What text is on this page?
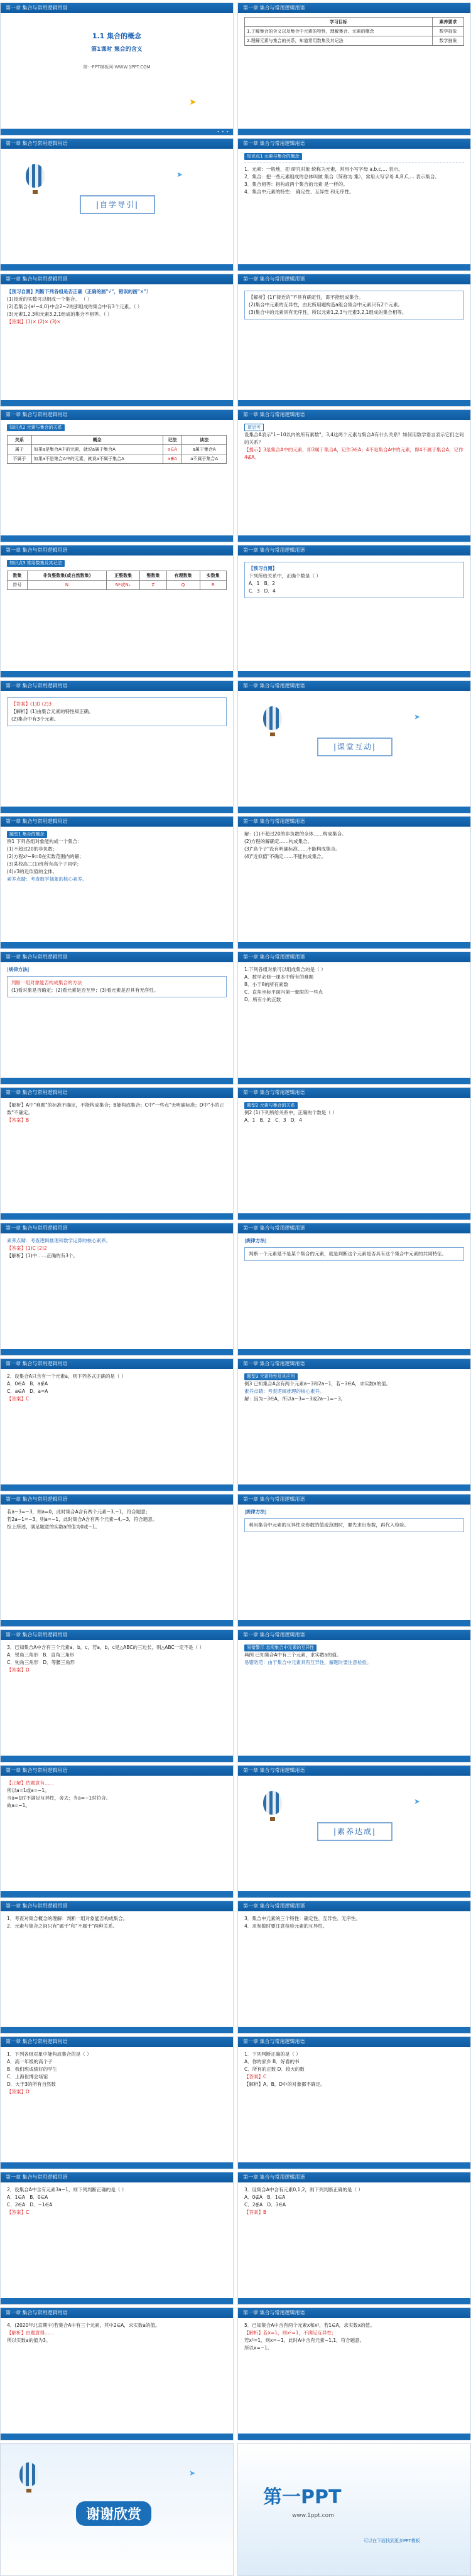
第一章 集合与常用逻辑用语
1.1 集合的概念
第1课时 集合的含义
第一PPT模板网-WWW.1PPT.COM
➤
• • •
第一章 集合与常用逻辑用语
学习目标	素养要求
1.了解集合的含义以及集合中元素的特性，理解集合、元素的概念	数学抽象
2.理解元素与集合的关系，知道常用数集及其记法	数学抽象
第一章 集合与常用逻辑用语
|自学导引|
➤
第一章 集合与常用逻辑用语
知识点1 元素与集合的概念

1．元素：一般地，把 研究对象 统称为元素，常用小写字母 a,b,c,… 表示。

2．集合：把一些元素组成的总体叫做 集合（简称为 集），常用大写字母 A,B,C,… 表示集合。

3．集合相等：指构成两个集合的元素 是一样的。

4．集合中元素的特性： 确定性、互异性 和无序性。

第一章 集合与常用逻辑用语

【预习自测】判断下列各组是否正确（正确的画"√"，错误的画"×"）

(1)接近的实数可以组成一个集合。 （ ）

(2)若集合{a²−4,0}中含2−2的那组成的集合中有3个元素。（ ）

(3)元素1,2,3和元素3,2,1组成的集合不相等。（ ）

【答案】(1)× (2)× (3)×

第一章 集合与常用逻辑用语

【解析】(1)"接近的"不具有确定性，即不能组成集合。

(2)集合中元素的互异性，由此所用题构造a组合集合中元素只有2个元素。

(3)集合中的元素具有无序性，所以元素1,2,3与元素3,2,1组成的集合相等。

第一章 集合与常用逻辑用语
知识点2 元素与集合的关系
关系	概念	记法	读法
属于	如果a是集合A中的元素，就说a属于集合A	a∈A	a属于集合A
不属于	如果a不是集合A中的元素，就说a不属于集合A	a∉A	a不属于集合A
第一章 集合与常用逻辑用语

微思考

设集合A表示"1~10以内的所有素数"，3,4这两个元素与集合A有什么关系？如何用数学语言表示它们之间的关系？

【提示】3是集合A中的元素，即3属于集合A，记作3∈A；4不是集合A中的元素，即4不属于集合A，记作4∉A。

第一章 集合与常用逻辑用语
知识点3 常用数集及其记法
数集	非负整数集(或自然数集)	正整数集	整数集	有理数集	实数集
符号	N	N*或N₊	Z	Q	R
第一章 集合与常用逻辑用语

【预习自测】

下列所给关系中，正确个数是（ ）

A．1 B．2

C．3 D．4

第一章 集合与常用逻辑用语

【答案】(1)D (2)3

【解析】(1)由集合元素的特性知正确。

(2)集合中有3个元素。

第一章 集合与常用逻辑用语
|课堂互动|
➤
第一章 集合与常用逻辑用语

题型1 集合的概念

例1 下列各组对象能构成一个集合：

(1)不超过20的非负数；

(2)方程x²−9=0在实数范围内的解；

(3)某校高二(1)班所有高个子同学；

(4)√3的近似值的全体。

素养点睛：考查数学抽象的核心素养。

第一章 集合与常用逻辑用语

解：(1)不超过20的非负数的全体……构成集合。

(2)方程的解确定……构成集合。

(3)"高个子"没有明确标准……不能构成集合。

(4)"近似值"不确定……不能构成集合。

第一章 集合与常用逻辑用语

|规律方法|

判断一组对象能否构成集合的方法

(1)看对象是否确定；(2)看元素是否互异；(3)看元素是否具有无序性。

第一章 集合与常用逻辑用语

1.下列各组对象可以组成集合的是（ ）

A．数学必修一课本中所有的难题

B．小于8的所有素数

C．直角坐标平面内第一象限的一些点

D．所有小的正数

第一章 集合与常用逻辑用语

【解析】A中"难题"的标准不确定，不能构成集合；B能构成集合；C中"一些点"无明确标准；D中"小的正数"不确定。

【答案】B

第一章 集合与常用逻辑用语

题型2 元素与集合的关系

例2 (1)下列所给关系中，正确的个数是（ ）

A．1 B．2 C．3 D．4

第一章 集合与常用逻辑用语

素养点睛：考查逻辑推理和数学运算的核心素养。

【答案】(1)C (2)2

【解析】(1)中……正确的有3个。

第一章 集合与常用逻辑用语

|规律方法|

判断一个元素是不是某个集合的元素，就是判断这个元素是否具有这个集合中元素的共同特征。

第一章 集合与常用逻辑用语

2．设集合A只含有一个元素a，则下列各式正确的是（ ）

A．0∈A B．a∉A

C．a∈A D．a=A

【答案】C

第一章 集合与常用逻辑用语

题型3 元素特性及其应用

例3 已知集合A含有两个元素a−3和2a−1，若−3∈A，求实数a的值。

素养点睛：考查逻辑推理的核心素养。

解：因为−3∈A，所以a−3=−3或2a−1=−3。

第一章 集合与常用逻辑用语

若a−3=−3，则a=0，此时集合A含有两个元素−3,−1，符合题意；

若2a−1=−3，则a=−1，此时集合A含有两个元素−4,−3，符合题意。

综上所述，满足题意的实数a的值为0或−1。

第一章 集合与常用逻辑用语

|规律方法|

利用集合中元素的互异性求参数的值或范围时，要先求出参数，再代入检验。

第一章 集合与常用逻辑用语

3．已知集合A中含有三个元素a，b，c，若a，b，c是△ABC的三边长，则△ABC一定不是（ ）

A．锐角三角形 B．直角三角形

C．钝角三角形 D．等腰三角形

【答案】D

第一章 集合与常用逻辑用语

易错警示 忽视集合中元素的互异性

典例 已知集合A中有三个元素，求实数a的值。

易错防范：由于集合中元素具有互异性，解题时要注意检验。

第一章 集合与常用逻辑用语

【正解】依题意有……

所以a=1或a=−1。

当a=1时不满足互异性，舍去；当a=−1时符合。

故a=−1。

第一章 集合与常用逻辑用语
|素养达成|
➤
第一章 集合与常用逻辑用语

1．考查对集合概念的理解：判断一组对象能否构成集合。

2．元素与集合之间只有"属于"和"不属于"两种关系。

第一章 集合与常用逻辑用语

3．集合中元素的三个特性：确定性、互异性、无序性。

4．求参数时要注意检验元素的互异性。

第一章 集合与常用逻辑用语

1．下列各组对象中能构成集合的是（ ）

A．高一年级的高个子

B．我们班成绩好的学生

C．上海世博会场馆

D．大于3的所有自然数

【答案】D

第一章 集合与常用逻辑用语

1．下列判断正确的是（ ）

A．你的家乡 B．好看的书

C．所有的正数 D．较大的数

【答案】C

【解析】A，B，D中的对象都不确定。

第一章 集合与常用逻辑用语

2．设集合A中含有元素3a−1，则下列判断正确的是（ ）

A．1∈A B．0∈A

C．2∈A D．−1∈A

【答案】C

第一章 集合与常用逻辑用语

3．设集合A中含有元素0,1,2，则下列判断正确的是（ ）

A．0∉A B．1∈A

C．2∉A D．3∈A

【答案】B

第一章 集合与常用逻辑用语

4．(2020年北京期中)若集合A中有三个元素，其中2∈A，求实数a的值。

【解析】由题意得……

所以实数a的值为3。

第一章 集合与常用逻辑用语

5．已知集合A中含有两个元素x和x²，若1∈A，求实数x的值。

【解析】若x=1，则x²=1，不满足互异性；

若x²=1，则x=−1，此时A中含有元素−1,1，符合题意。

所以x=−1。

谢谢欣赏
➤
第一PPT
www.1ppt.com
可以在下面找到更多PPT模板
